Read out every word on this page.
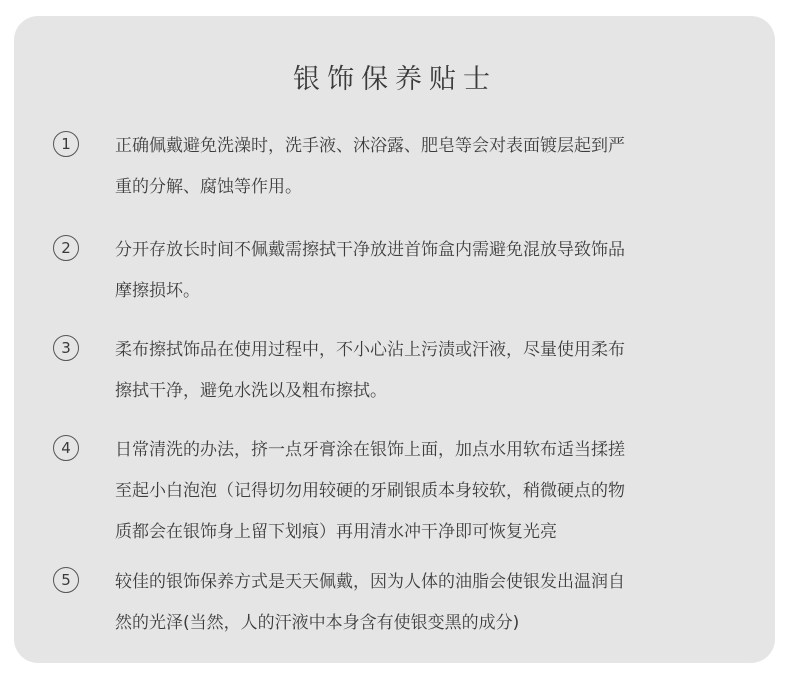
银饰保养贴士
1	正确佩戴避免洗澡时，洗手液、沐浴露、肥皂等会对表面镀层起到严
重的分解、腐蚀等作用。

2	分开存放长时间不佩戴需擦拭干净放进首饰盒内需避免混放导致饰品
摩擦损坏。

3	柔布擦拭饰品在使用过程中，不小心沾上污渍或汗液，尽量使用柔布
擦拭干净，避免水洗以及粗布擦拭。

4	日常清洗的办法，挤一点牙膏涂在银饰上面，加点水用软布适当揉搓
至起小白泡泡（记得切勿用较硬的牙刷银质本身较软，稍微硬点的物
质都会在银饰身上留下划痕）再用清水冲干净即可恢复光亮

5	较佳的银饰保养方式是天天佩戴，因为人体的油脂会使银发出温润自
然的光泽(当然，人的汗液中本身含有使银变黑的成分)
